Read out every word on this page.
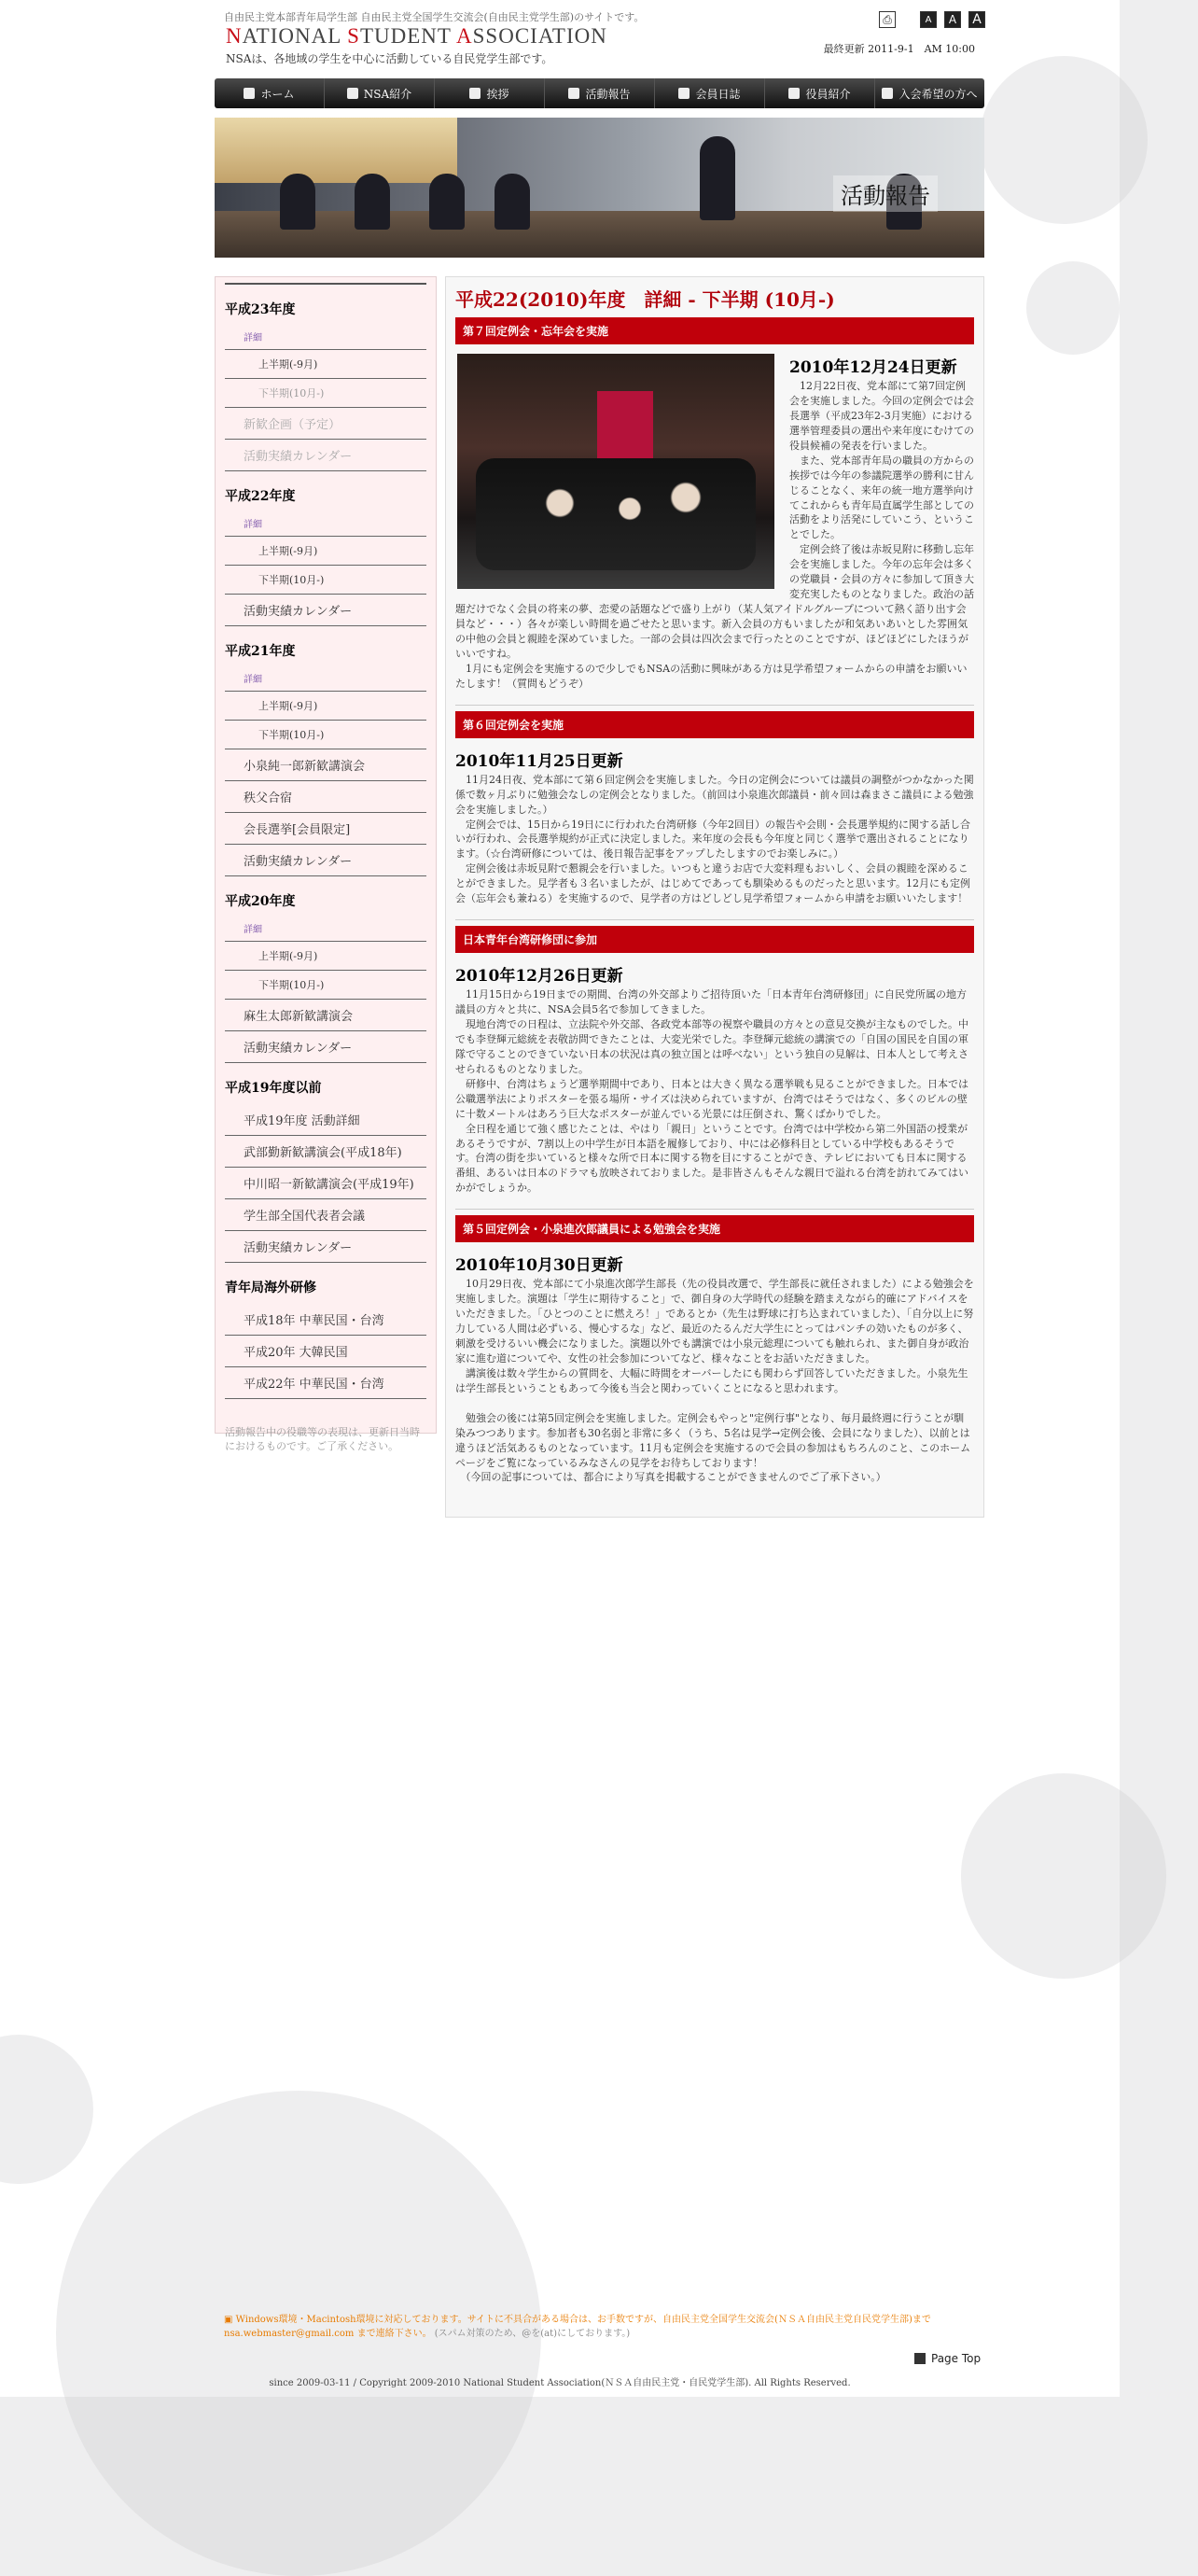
自由民主党本部青年局学生部 自由民主党全国学生交流会(自由民主党学生部)のサイトです。
NATIONAL STUDENT ASSOCIATION
NSAは、各地域の学生を中心に活動している自民党学生部です。
⎙	A	A	A
最終更新 2011-9-1　AM 10:00
ホーム	NSA紹介	挨拶	活動報告	会員日誌	役員紹介	入会希望の方へ
活動報告
平成23年度
詳細
上半期(-9月)
下半期(10月-)
新歓企画（予定）
活動実績カレンダー
平成22年度
詳細
上半期(-9月)
下半期(10月-)
活動実績カレンダー
平成21年度
詳細
上半期(-9月)
下半期(10月-)
小泉純一郎新歓講演会
秩父合宿
会長選挙[会員限定]
活動実績カレンダー
平成20年度
詳細
上半期(-9月)
下半期(10月-)
麻生太郎新歓講演会
活動実績カレンダー
平成19年度以前
平成19年度 活動詳細
武部勤新歓講演会(平成18年)
中川昭一新歓講演会(平成19年)
学生部全国代表者会議
活動実績カレンダー
青年局海外研修
平成18年 中華民国・台湾
平成20年 大韓民国
平成22年 中華民国・台湾
活動報告中の役職等の表現は、更新日当時におけるものです。ご了承ください。
平成22(2010)年度　詳細 - 下半期 (10月-)
第７回定例会・忘年会を実施
2010年12月24日更新

　12月22日夜、党本部にて第7回定例会を実施しました。今回の定例会では会長選挙（平成23年2-3月実施）における選挙管理委員の選出や来年度にむけての役員候補の発表を行いました。

　また、党本部青年局の職員の方からの挨拶では今年の参議院選挙の勝利に甘んじることなく、来年の統一地方選挙向けてこれからも青年局直属学生部としての活動をより活発にしていこう、ということでした。

　定例会終了後は赤坂見附に移動し忘年会を実施しました。今年の忘年会は多くの党職員・会員の方々に参加して頂き大変充実したものとなりました。政治の話題だけでなく会員の将来の夢、恋愛の話題などで盛り上がり（某人気アイドルグループについて熱く語り出す会員など・・・）各々が楽しい時間を過ごせたと思います。新入会員の方もいましたが和気あいあいとした雰囲気の中他の会員と親睦を深めていました。一部の会員は四次会まで行ったとのことですが、ほどほどにしたほうがいいですね。

　1月にも定例会を実施するので少しでもNSAの活動に興味がある方は見学希望フォームからの申請をお願いいたします！（質問もどうぞ）

第６回定例会を実施
2010年11月25日更新

　11月24日夜、党本部にて第６回定例会を実施しました。今日の定例会については議員の調整がつかなかった関係で数ヶ月ぶりに勉強会なしの定例会となりました。（前回は小泉進次郎議員・前々回は森まさこ議員による勉強会を実施しました。）

　定例会では、15日から19日にに行われた台湾研修（今年2回目）の報告や会則・会長選挙規約に関する話し合いが行われ、会長選挙規約が正式に決定しました。来年度の会長も今年度と同じく選挙で選出されることになります。（☆台湾研修については、後日報告記事をアップしたしますのでお楽しみに。）

　定例会後は赤坂見附で懇親会を行いました。いつもと違うお店で大変料理もおいしく、会員の親睦を深めることができました。見学者も３名いましたが、はじめてであっても馴染めるものだったと思います。12月にも定例会（忘年会も兼ねる）を実施するので、見学者の方はどしどし見学希望フォームから申請をお願いいたします！

日本青年台湾研修団に参加
2010年12月26日更新

　11月15日から19日までの期間、台湾の外交部よりご招待頂いた「日本青年台湾研修団」に自民党所属の地方議員の方々と共に、NSA会員5名で参加してきました。

　現地台湾での日程は、立法院や外交部、各政党本部等の視察や職員の方々との意見交換が主なものでした。中でも李登輝元総統を表敬訪問できたことは、大変光栄でした。李登輝元総統の講演での「自国の国民を自国の軍隊で守ることのできていない日本の状況は真の独立国とは呼べない」という独自の見解は、日本人として考えさせられるものとなりました。

　研修中、台湾はちょうど選挙期間中であり、日本とは大きく異なる選挙戦も見ることができました。日本では公職選挙法によりポスターを張る場所・サイズは決められていますが、台湾ではそうではなく、多くのビルの壁に十数メートルはあろう巨大なポスターが並んでいる光景には圧倒され、驚くばかりでした。

　全日程を通じて強く感じたことは、やはり「親日」ということです。台湾では中学校から第二外国語の授業があるそうですが、7割以上の中学生が日本語を履修しており、中には必修科目としている中学校もあるそうです。台湾の街を歩いていると様々な所で日本に関する物を目にすることができ、テレビにおいても日本に関する番組、あるいは日本のドラマも放映されておりました。是非皆さんもそんな親日で溢れる台湾を訪れてみてはいかがでしょうか。

第５回定例会・小泉進次郎議員による勉強会を実施
2010年10月30日更新

　10月29日夜、党本部にて小泉進次郎学生部長（先の役員改選で、学生部長に就任されました）による勉強会を実施しました。演題は「学生に期待すること」で、御自身の大学時代の経験を踏まえながら的確にアドバイスをいただきました。「ひとつのことに燃えろ！」であるとか（先生は野球に打ち込まれていました）、「自分以上に努力している人間は必ずいる、慢心するな」など、最近のたるんだ大学生にとってはパンチの効いたものが多く、刺激を受けるいい機会になりました。演題以外でも講演では小泉元総理についても触れられ、また御自身が政治家に進む道についてや、女性の社会参加についてなど、様々なことをお話いただきました。

　講演後は数々学生からの質問を、大幅に時間をオーバーしたにも関わらず回答していただきました。小泉先生は学生部長ということもあって今後も当会と関わっていくことになると思われます。

　勉強会の後には第5回定例会を実施しました。定例会もやっと"定例行事"となり、毎月最終週に行うことが馴染みつつあります。参加者も30名弱と非常に多く（うち、5名は見学→定例会後、会員になりました）、以前とは違うほど活気あるものとなっています。11月も定例会を実施するので会員の参加はもちろんのこと、このホームページをご覧になっているみなさんの見学をお待ちしております！

　（今回の記事については、都合により写真を掲載することができませんのでご了承下さい。）

▣ Windows環境・Macintosh環境に対応しております。サイトに不具合がある場合は、お手数ですが、自由民主党全国学生交流会(ＮＳＡ自由民主党自民党学生部)まで
nsa.webmaster@gmail.com まで連絡下さい。 (スパム対策のため、@を(at)にしております。)
Page Top
since 2009-03-11 / Copyright 2009-2010 National Student Association(ＮＳＡ自由民主党・自民党学生部). All Rights Reserved.
